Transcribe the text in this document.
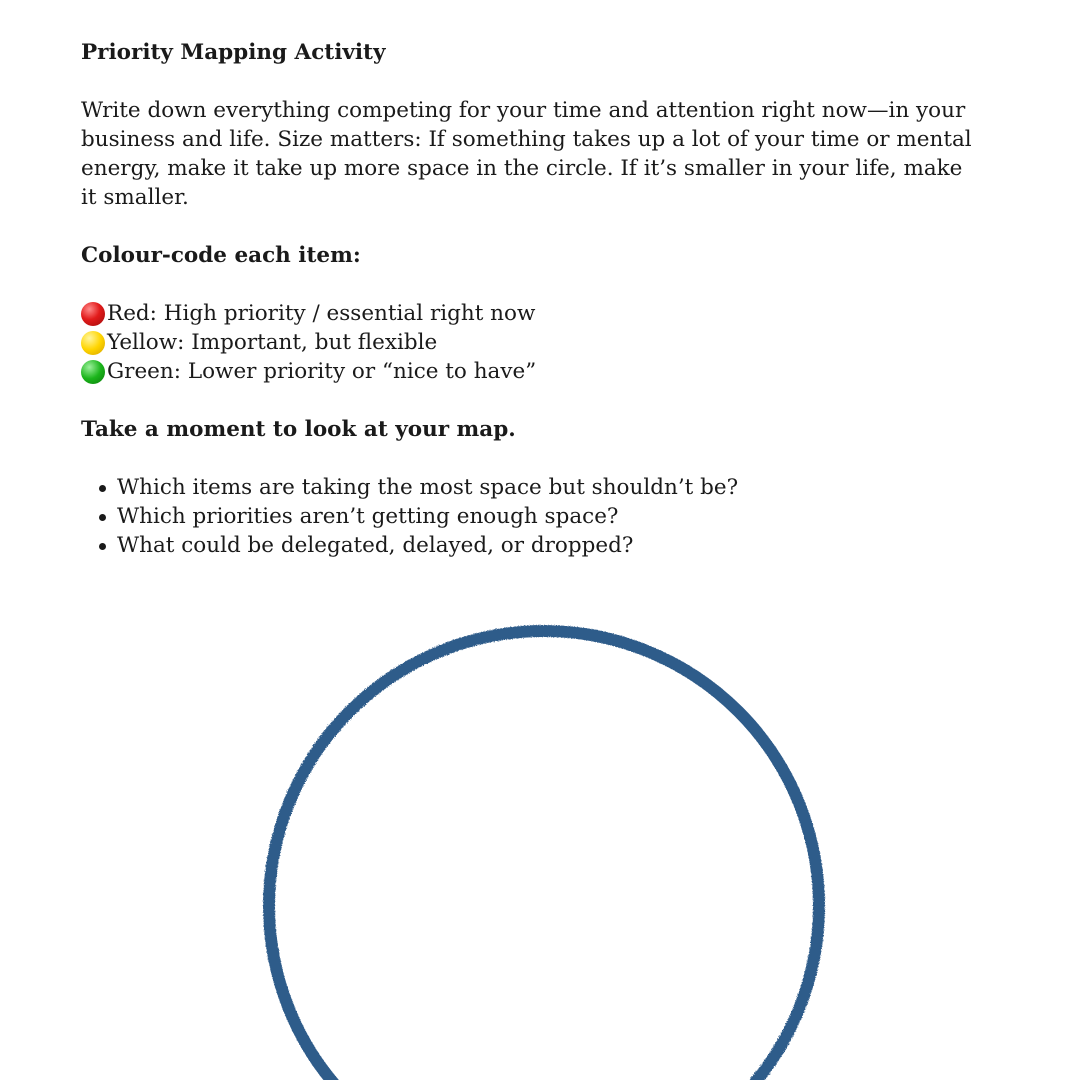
Priority Mapping Activity
Write down everything competing for your time and attention right now—in your business and life. Size matters: If something takes up a lot of your time or mental energy, make it take up more space in the circle. If it’s smaller in your life, make it smaller.
Colour-code each item:
Red: High priority / essential right now
Yellow: Important, but flexible
Green: Lower priority or “nice to have”
Take a moment to look at your map.
Which items are taking the most space but shouldn’t be?
Which priorities aren’t getting enough space?
What could be delegated, delayed, or dropped?
